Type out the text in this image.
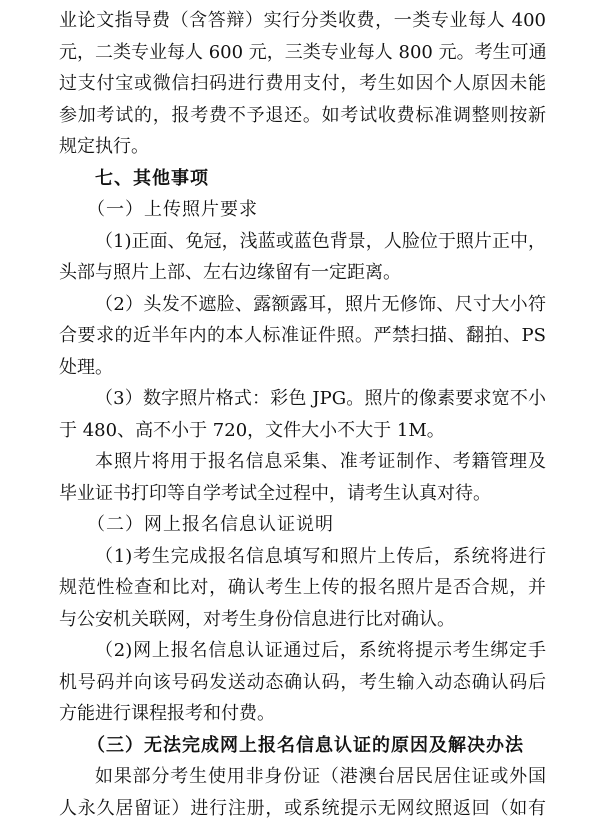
业论文指导费（含答辩）实行分类收费，一类专业每人 400
元，二类专业每人 600 元，三类专业每人 800 元。考生可通
过支付宝或微信扫码进行费用支付，考生如因个人原因未能
参加考试的，报考费不予退还。如考试收费标准调整则按新
规定执行。
七、其他事项
（一）上传照片要求
（1)正面、免冠，浅蓝或蓝色背景，人脸位于照片正中，
头部与照片上部、左右边缘留有一定距离。
（2）头发不遮脸、露额露耳，照片无修饰、尺寸大小符
合要求的近半年内的本人标准证件照。严禁扫描、翻拍、PS
处理。
（3）数字照片格式：彩色 JPG。照片的像素要求宽不小
于 480、高不小于 720，文件大小不大于 1M。
本照片将用于报名信息采集、准考证制作、考籍管理及
毕业证书打印等自学考试全过程中，请考生认真对待。
（二）网上报名信息认证说明
（1)考生完成报名信息填写和照片上传后，系统将进行
规范性检查和比对，确认考生上传的报名照片是否合规，并
与公安机关联网，对考生身份信息进行比对确认。
（2)网上报名信息认证通过后，系统将提示考生绑定手
机号码并向该号码发送动态确认码，考生输入动态确认码后
方能进行课程报考和付费。
（三）无法完成网上报名信息认证的原因及解决办法
如果部分考生使用非身份证（港澳台居民居住证或外国
人永久居留证）进行注册，或系统提示无网纹照返回（如有
